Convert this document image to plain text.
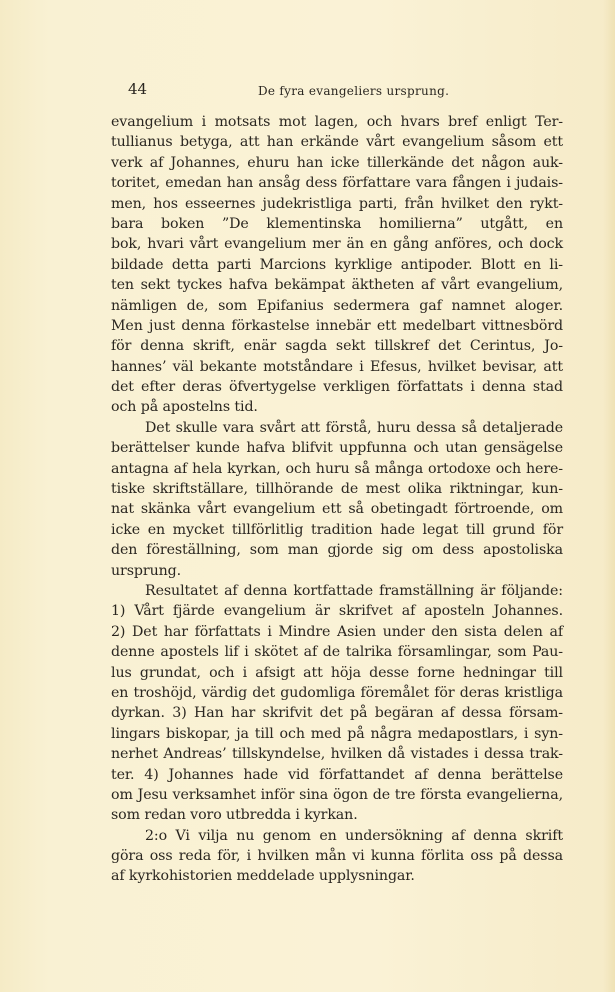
44	De fyra evangeliers ursprung.
evangelium i motsats mot lagen, och hvars bref enligt Ter-
tullianus betyga, att han erkände vårt evangelium såsom ett
verk af Johannes, ehuru han icke tillerkände det någon auk-
toritet, emedan han ansåg dess författare vara fången i judais-
men, hos esseernes judekristliga parti, från hvilket den rykt-
bara boken ”De klementinska homilierna” utgått, en
bok, hvari vårt evangelium mer än en gång anföres, och dock
bildade detta parti Marcions kyrklige antipoder. Blott en li-
ten sekt tyckes hafva bekämpat äktheten af vårt evangelium,
nämligen de, som Epifanius sedermera gaf namnet aloger.
Men just denna förkastelse innebär ett medelbart vittnesbörd
för denna skrift, enär sagda sekt tillskref det Cerintus, Jo-
hannes’ väl bekante motståndare i Efesus, hvilket bevisar, att
det efter deras öfvertygelse verkligen författats i denna stad
och på apostelns tid.
Det skulle vara svårt att förstå, huru dessa så detaljerade
berättelser kunde hafva blifvit uppfunna och utan gensägelse
antagna af hela kyrkan, och huru så många ortodoxe och here-
tiske skriftställare, tillhörande de mest olika riktningar, kun-
nat skänka vårt evangelium ett så obetingadt förtroende, om
icke en mycket tillförlitlig tradition hade legat till grund för
den föreställning, som man gjorde sig om dess apostoliska
ursprung.
Resultatet af denna kortfattade framställning är följande:
1) Vårt fjärde evangelium är skrifvet af aposteln Johannes.
2) Det har författats i Mindre Asien under den sista delen af
denne apostels lif i skötet af de talrika församlingar, som Pau-
lus grundat, och i afsigt att höja desse forne hedningar till
en troshöjd, värdig det gudomliga föremålet för deras kristliga
dyrkan. 3) Han har skrifvit det på begäran af dessa försam-
lingars biskopar, ja till och med på några medapostlars, i syn-
nerhet Andreas’ tillskyndelse, hvilken då vistades i dessa trak-
ter. 4) Johannes hade vid författandet af denna berättelse
om Jesu verksamhet inför sina ögon de tre första evangelierna,
som redan voro utbredda i kyrkan.
2:o Vi vilja nu genom en undersökning af denna skrift
göra oss reda för, i hvilken mån vi kunna förlita oss på dessa
af kyrkohistorien meddelade upplysningar.
